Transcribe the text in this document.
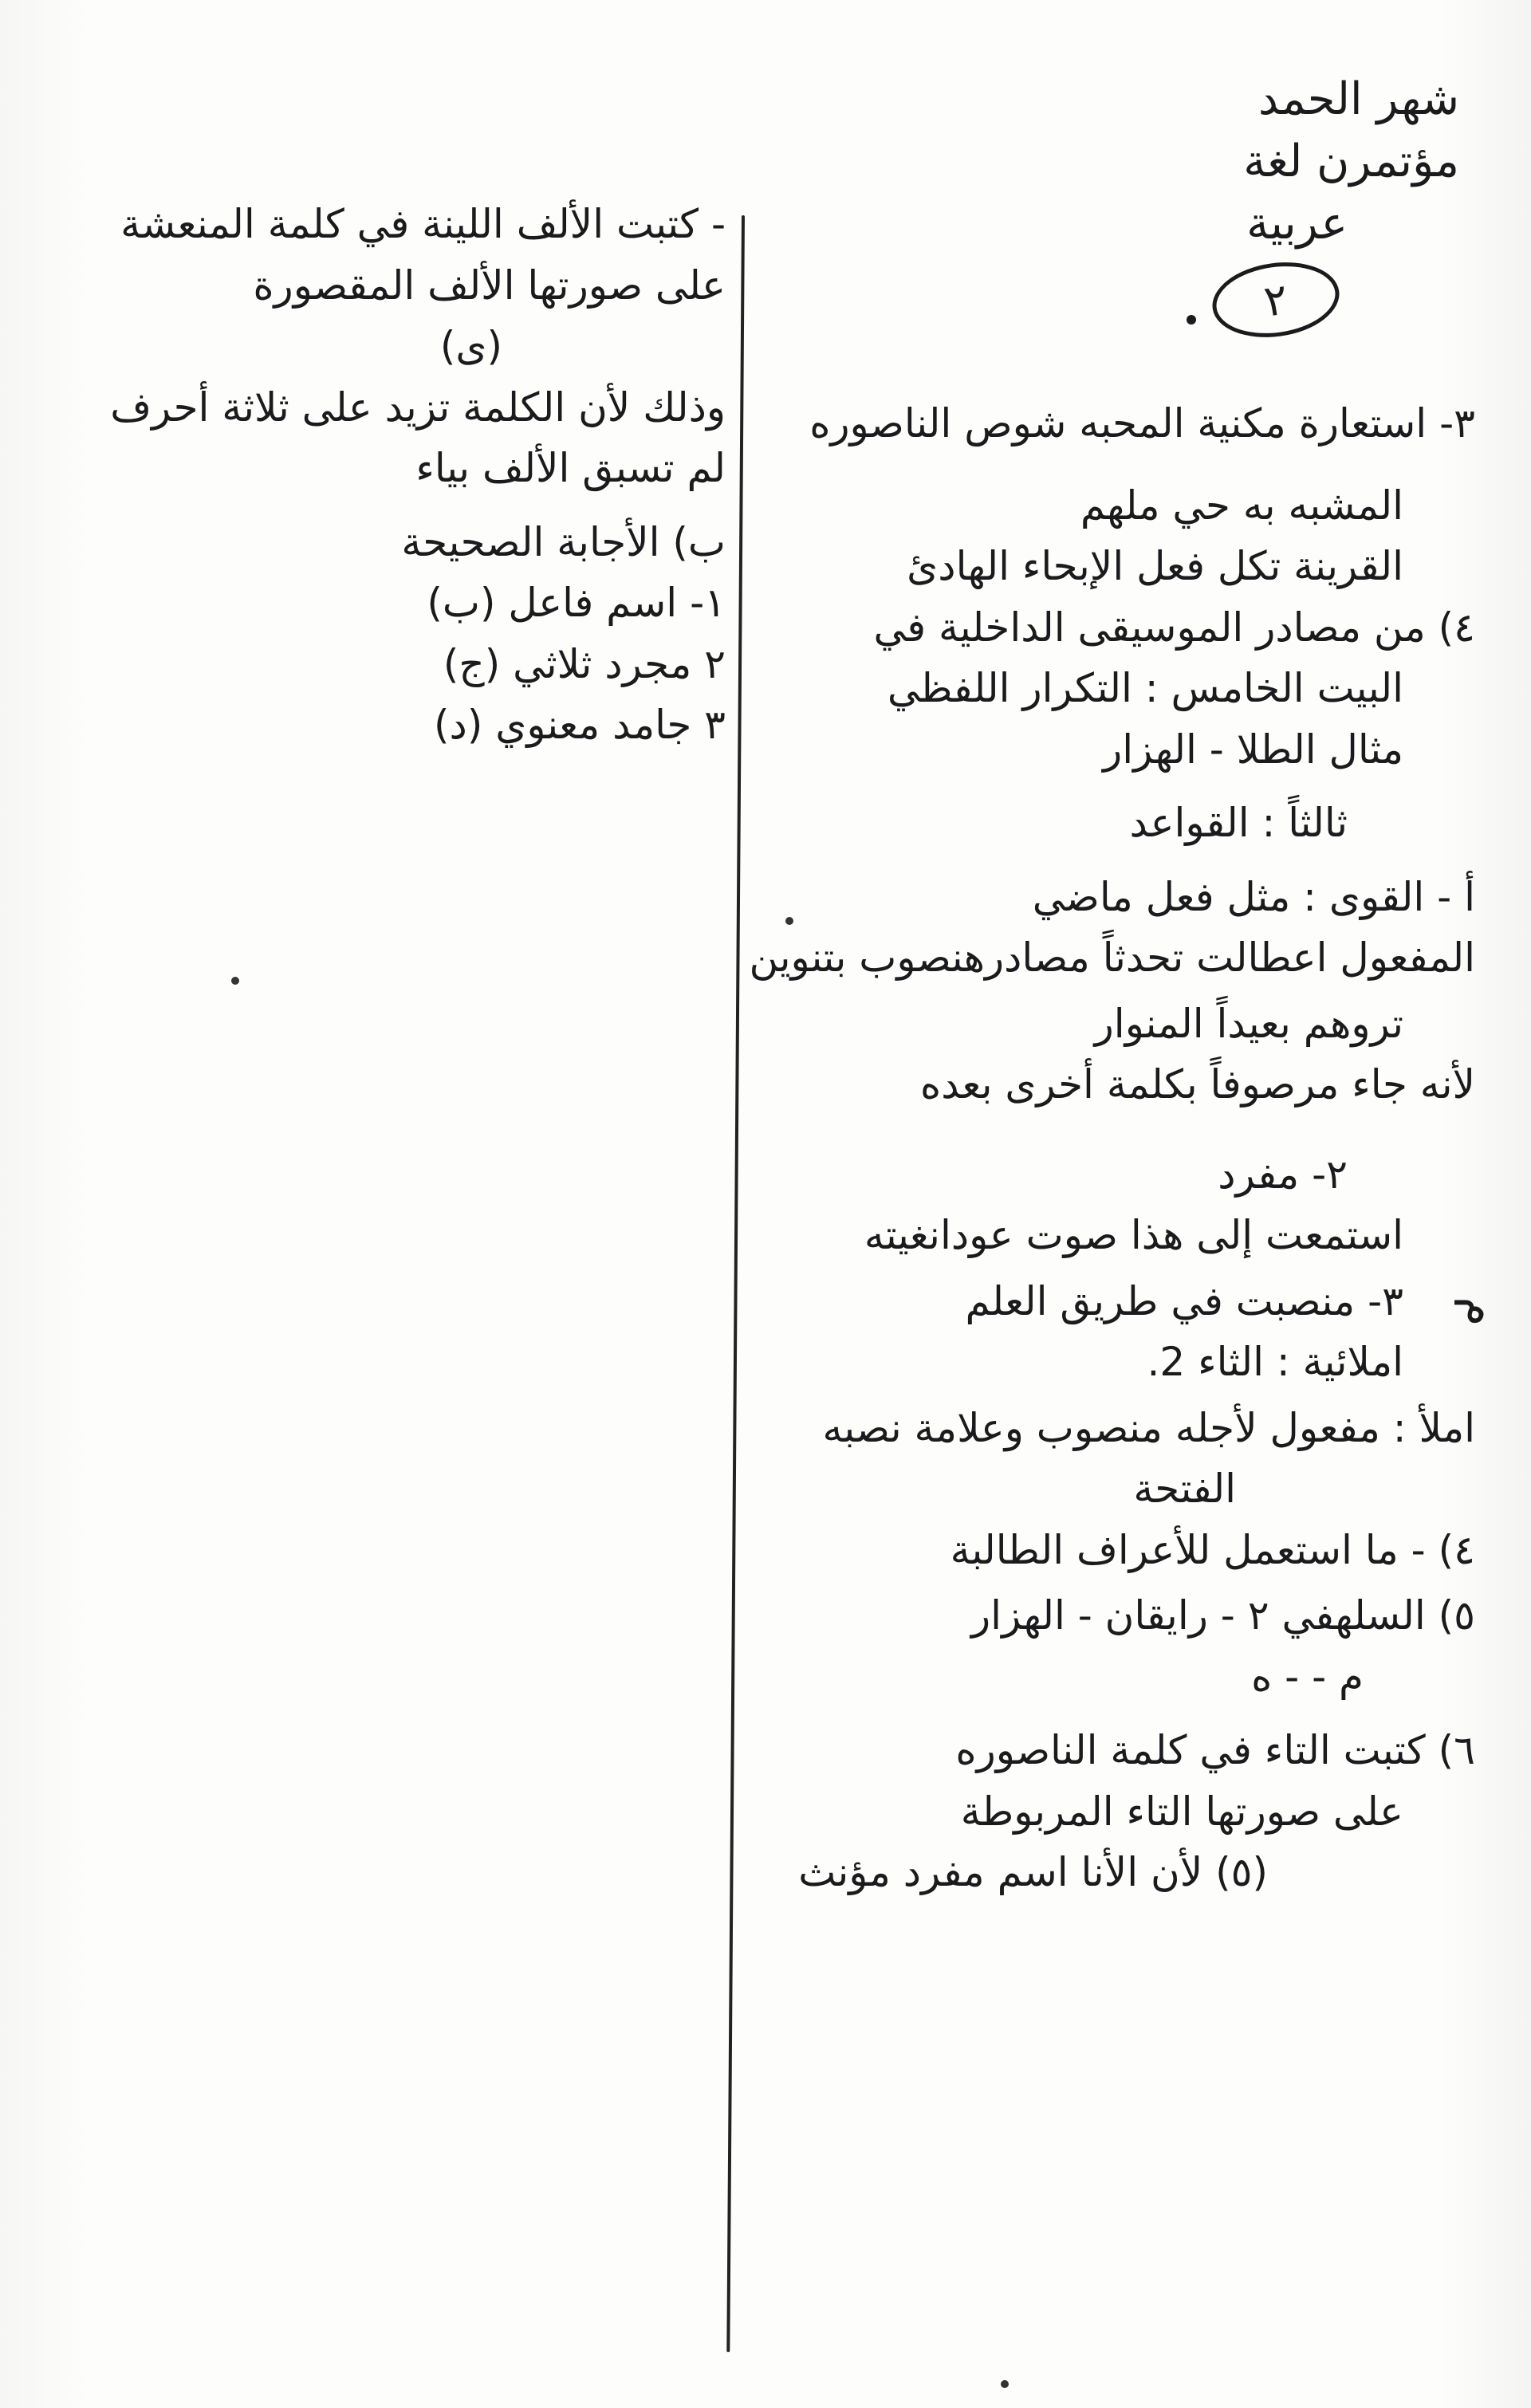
شهر الحمد
مؤتمرن لغة
عربية
٢
٣- استعارة مكنية المحبه شوص الناصوره
المشبه به حي ملهم
القرينة تكل فعل الإبحاء الهادئ
٤) من مصادر الموسيقى الداخلية في
البيت الخامس : التكرار اللفظي
مثال الطلا - الهزار
ثالثاً : القواعد
أ - القوى : مثل فعل ماضي
المفعول اعطالت تحدثاً مصادرهنصوب بتنوين
تروهم بعيداً المنوار
لأنه جاء مرصوفاً بكلمة أخرى بعده
٢- مفرد
استمعت إلى هذا صوت عودانغيته
٣- منصبت في طريق العلم
املائية : الثاء 2.
املأ : مفعول لأجله منصوب وعلامة نصبه
الفتحة
٤) - ما استعمل للأعراف الطالبة
٥) السلهفي ٢ - رايقان - الهزار
م - - ه
٦) كتبت التاء في كلمة الناصوره
على صورتها التاء المربوطة
(٥) لأن الأنا اسم مفرد مؤنث
- كتبت الألف اللينة في كلمة المنعشة
على صورتها الألف المقصورة
(ى)
وذلك لأن الكلمة تزيد على ثلاثة أحرف
لم تسبق الألف بياء
ب) الأجابة الصحيحة
١- اسم فاعل (ب)
٢ مجرد ثلاثي (ج)
٣ جامد معنوي (د)
م
